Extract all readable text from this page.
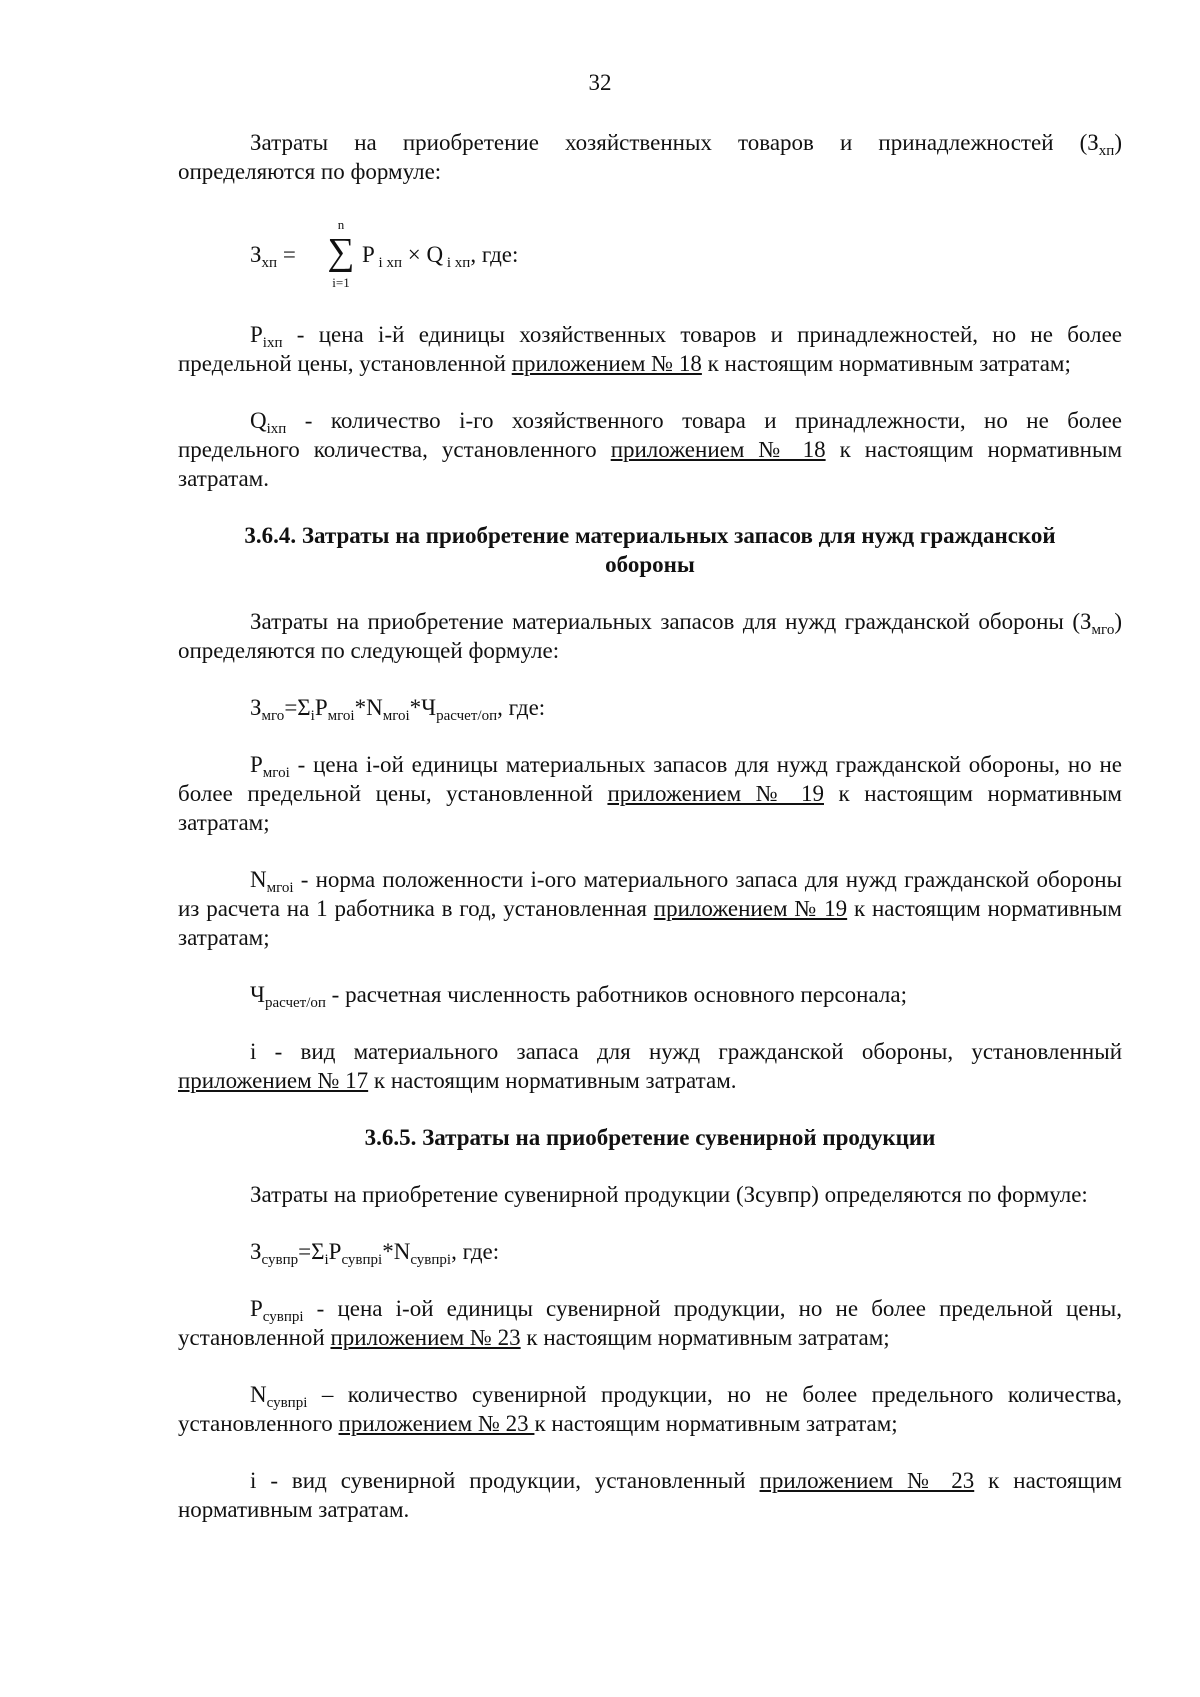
32

Затраты на приобретение хозяйственных товаров и принадлежностей $(З_{хп})$ определяются по формуле:

$З_{хп}$ =
n
∑
i=1
P $_{i хп}$ × Q $_{i хп}$, где:

$P_{iхп}$ - цена i-й единицы хозяйственных товаров и принадлежностей, но не более предельной цены, установленной приложением № 18 к настоящим нормативным затратам;

$Q_{iхп}$ - количество i-го хозяйственного товара и принадлежности, но не более предельного количества, установленного приложением № 18 к настоящим нормативным затратам.

3.6.4. Затраты на приобретение материальных запасов для нужд гражданской
обороны

Затраты на приобретение материальных запасов для нужд гражданской обороны $(З_{мго})$ определяются по следующей формуле:

$З_{мго}=\Sigma_iP_{мгоi}*N_{мгоi}*Ч_{расчет/оп}$, где:

$P_{мгоi}$ - цена i-ой единицы материальных запасов для нужд гражданской обороны, но не более предельной цены, установленной приложением № 19 к настоящим нормативным затратам;

$N_{мгоi}$ - норма положенности i-ого материального запаса для нужд гражданской обороны из расчета на 1 работника в год, установленная приложением № 19 к настоящим нормативным затратам;

$Ч_{расчет/оп}$ - расчетная численность работников основного персонала;

i - вид материального запаса для нужд гражданской обороны, установленный приложением № 17 к настоящим нормативным затратам.

3.6.5. Затраты на приобретение сувенирной продукции

Затраты на приобретение сувенирной продукции (Зсувпр) определяются по формуле:

$З_{сувпр}=\Sigma_iP_{сувпрi}*N_{сувпрi}$, где:

$P_{сувпрi}$ - цена i-ой единицы сувенирной продукции, но не более предельной цены, установленной приложением № 23 к настоящим нормативным затратам;

$N_{сувпрi}$ – количество сувенирной продукции, но не более предельного количества, установленного приложением № 23 к настоящим нормативным затратам;

i - вид сувенирной продукции, установленный приложением № 23 к настоящим нормативным затратам.
